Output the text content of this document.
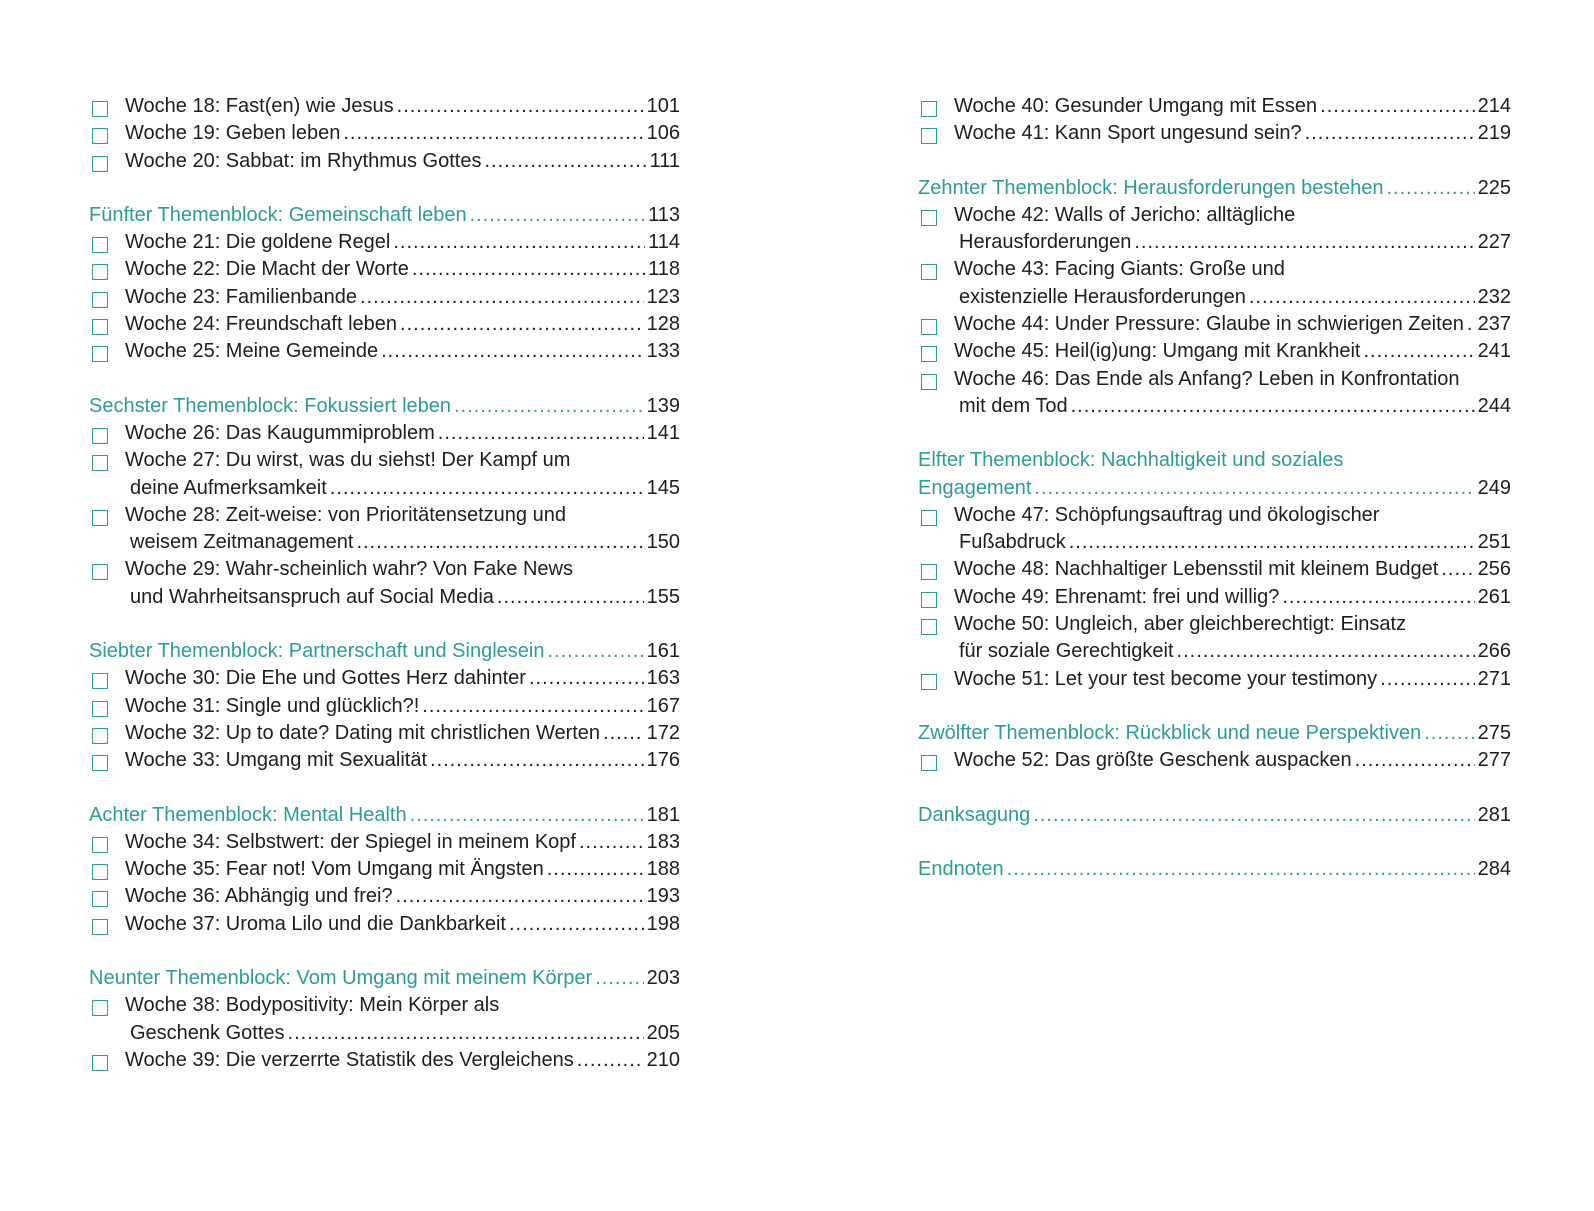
Woche 18: Fast(en) wie Jesus .....	101
Woche 19: Geben leben .....	106
Woche 20: Sabbat: im Rhythmus Gottes .....	111
Fünfter Themenblock: Gemeinschaft leben .....	113
Woche 21: Die goldene Regel .....	114
Woche 22: Die Macht der Worte .....	118
Woche 23: Familienbande .....	123
Woche 24: Freundschaft leben .....	128
Woche 25: Meine Gemeinde .....	133
Sechster Themenblock: Fokussiert leben .....	139
Woche 26: Das Kaugummiproblem .....	141
Woche 27: Du wirst, was du siehst! Der Kampf um
deine Aufmerksamkeit .....	145
Woche 28: Zeit-weise: von Prioritätensetzung und
weisem Zeitmanagement .....	150
Woche 29: Wahr-scheinlich wahr? Von Fake News
und Wahrheitsanspruch auf Social Media .....	155
Siebter Themenblock: Partnerschaft und Singlesein .....	161
Woche 30: Die Ehe und Gottes Herz dahinter .....	163
Woche 31: Single und glücklich?! .....	167
Woche 32: Up to date? Dating mit christlichen Werten ..... 172
Woche 33: Umgang mit Sexualität .....	176
Achter Themenblock: Mental Health .....	181
Woche 34: Selbstwert: der Spiegel in meinem Kopf .....	183
Woche 35: Fear not! Vom Umgang mit Ängsten .....	188
Woche 36: Abhängig und frei? .....	193
Woche 37: Uroma Lilo und die Dankbarkeit .....	198
Neunter Themenblock: Vom Umgang mit meinem Körper .....	203
Woche 38: Bodypositivity: Mein Körper als
Geschenk Gottes .....	205
Woche 39: Die verzerrte Statistik des Vergleichens .....	210
Woche 40: Gesunder Umgang mit Essen .....	214
Woche 41: Kann Sport ungesund sein? .....	219
Zehnter Themenblock: Herausforderungen bestehen .....	225
Woche 42: Walls of Jericho: alltägliche
Herausforderungen .....	227
Woche 43: Facing Giants: Große und
existenzielle Herausforderungen .....	232
Woche 44: Under Pressure: Glaube in schwierigen Zeiten ..... 237
Woche 45: Heil(ig)ung: Umgang mit Krankheit .....	241
Woche 46: Das Ende als Anfang? Leben in Konfrontation
mit dem Tod .....	244
Elfter Themenblock: Nachhaltigkeit und soziales
Engagement .....	249
Woche 47: Schöpfungsauftrag und ökologischer
Fußabdruck .....	251
Woche 48: Nachhaltiger Lebensstil mit kleinem Budget ..... 256
Woche 49: Ehrenamt: frei und willig? .....	261
Woche 50: Ungleich, aber gleichberechtigt: Einsatz
für soziale Gerechtigkeit .....	266
Woche 51: Let your test become your testimony .....	271
Zwölfter Themenblock: Rückblick und neue Perspektiven .....	275
Woche 52: Das größte Geschenk auspacken .....	277
Danksagung .....	281
Endnoten .....	284
